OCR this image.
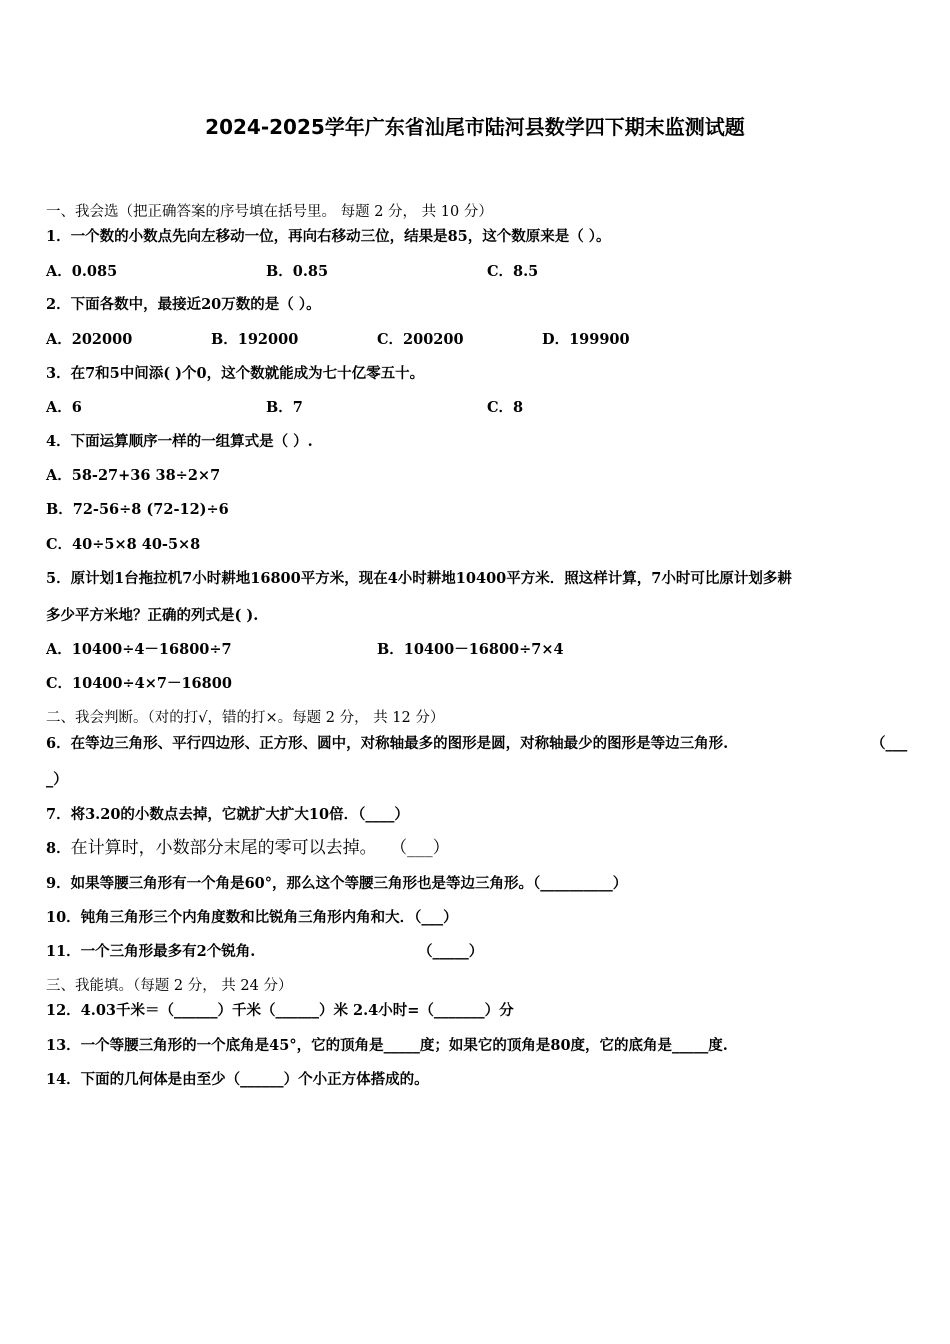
2024-2025学年广东省汕尾市陆河县数学四下期末监测试题
一、我会选（把正确答案的序号填在括号里。 每题 2 分， 共 10 分）
1．一个数的小数点先向左移动一位，再向右移动三位，结果是85，这个数原来是（ ）。
A．0.085	B．0.85	C．8.5
2．下面各数中，最接近20万数的是（ ）。
A．202000	B．192000	C．200200	D．199900
3．在7和5中间添( )个0，这个数就能成为七十亿零五十。
A．6	B．7	C．8
4．下面运算顺序一样的一组算式是（ ）.
A．58-27+36 38÷2×7
B．72-56÷8 (72-12)÷6
C．40÷5×8 40-5×8
5．原计划1台拖拉机7小时耕地16800平方米，现在4小时耕地10400平方米．照这样计算，7小时可比原计划多耕
多少平方米地？正确的列式是( ).
A．10400÷4－16800÷7	B．10400－16800÷7×4
C．10400÷4×7－16800
二、我会判断。（对的打√，错的打×。每题 2 分， 共 12 分）
6．在等边三角形、平行四边形、正方形、圆中，对称轴最多的图形是圆，对称轴最少的图形是等边三角形.	（___
_）
7．将3.20的小数点去掉，它就扩大扩大10倍．（____）
8．在计算时，小数部分末尾的零可以去掉。 （___）
9．如果等腰三角形有一个角是60°，那么这个等腰三角形也是等边三角形。（__________）
10．钝角三角形三个内角度数和比锐角三角形内角和大．（___）
11．一个三角形最多有2个锐角.	（_____）
三、我能填。（每题 2 分， 共 24 分）
12．4.03千米＝（______）千米（______）米 2.4小时=（_______）分
13．一个等腰三角形的一个底角是45°，它的顶角是_____度；如果它的顶角是80度，它的底角是_____度.
14．下面的几何体是由至少（______）个小正方体搭成的。
